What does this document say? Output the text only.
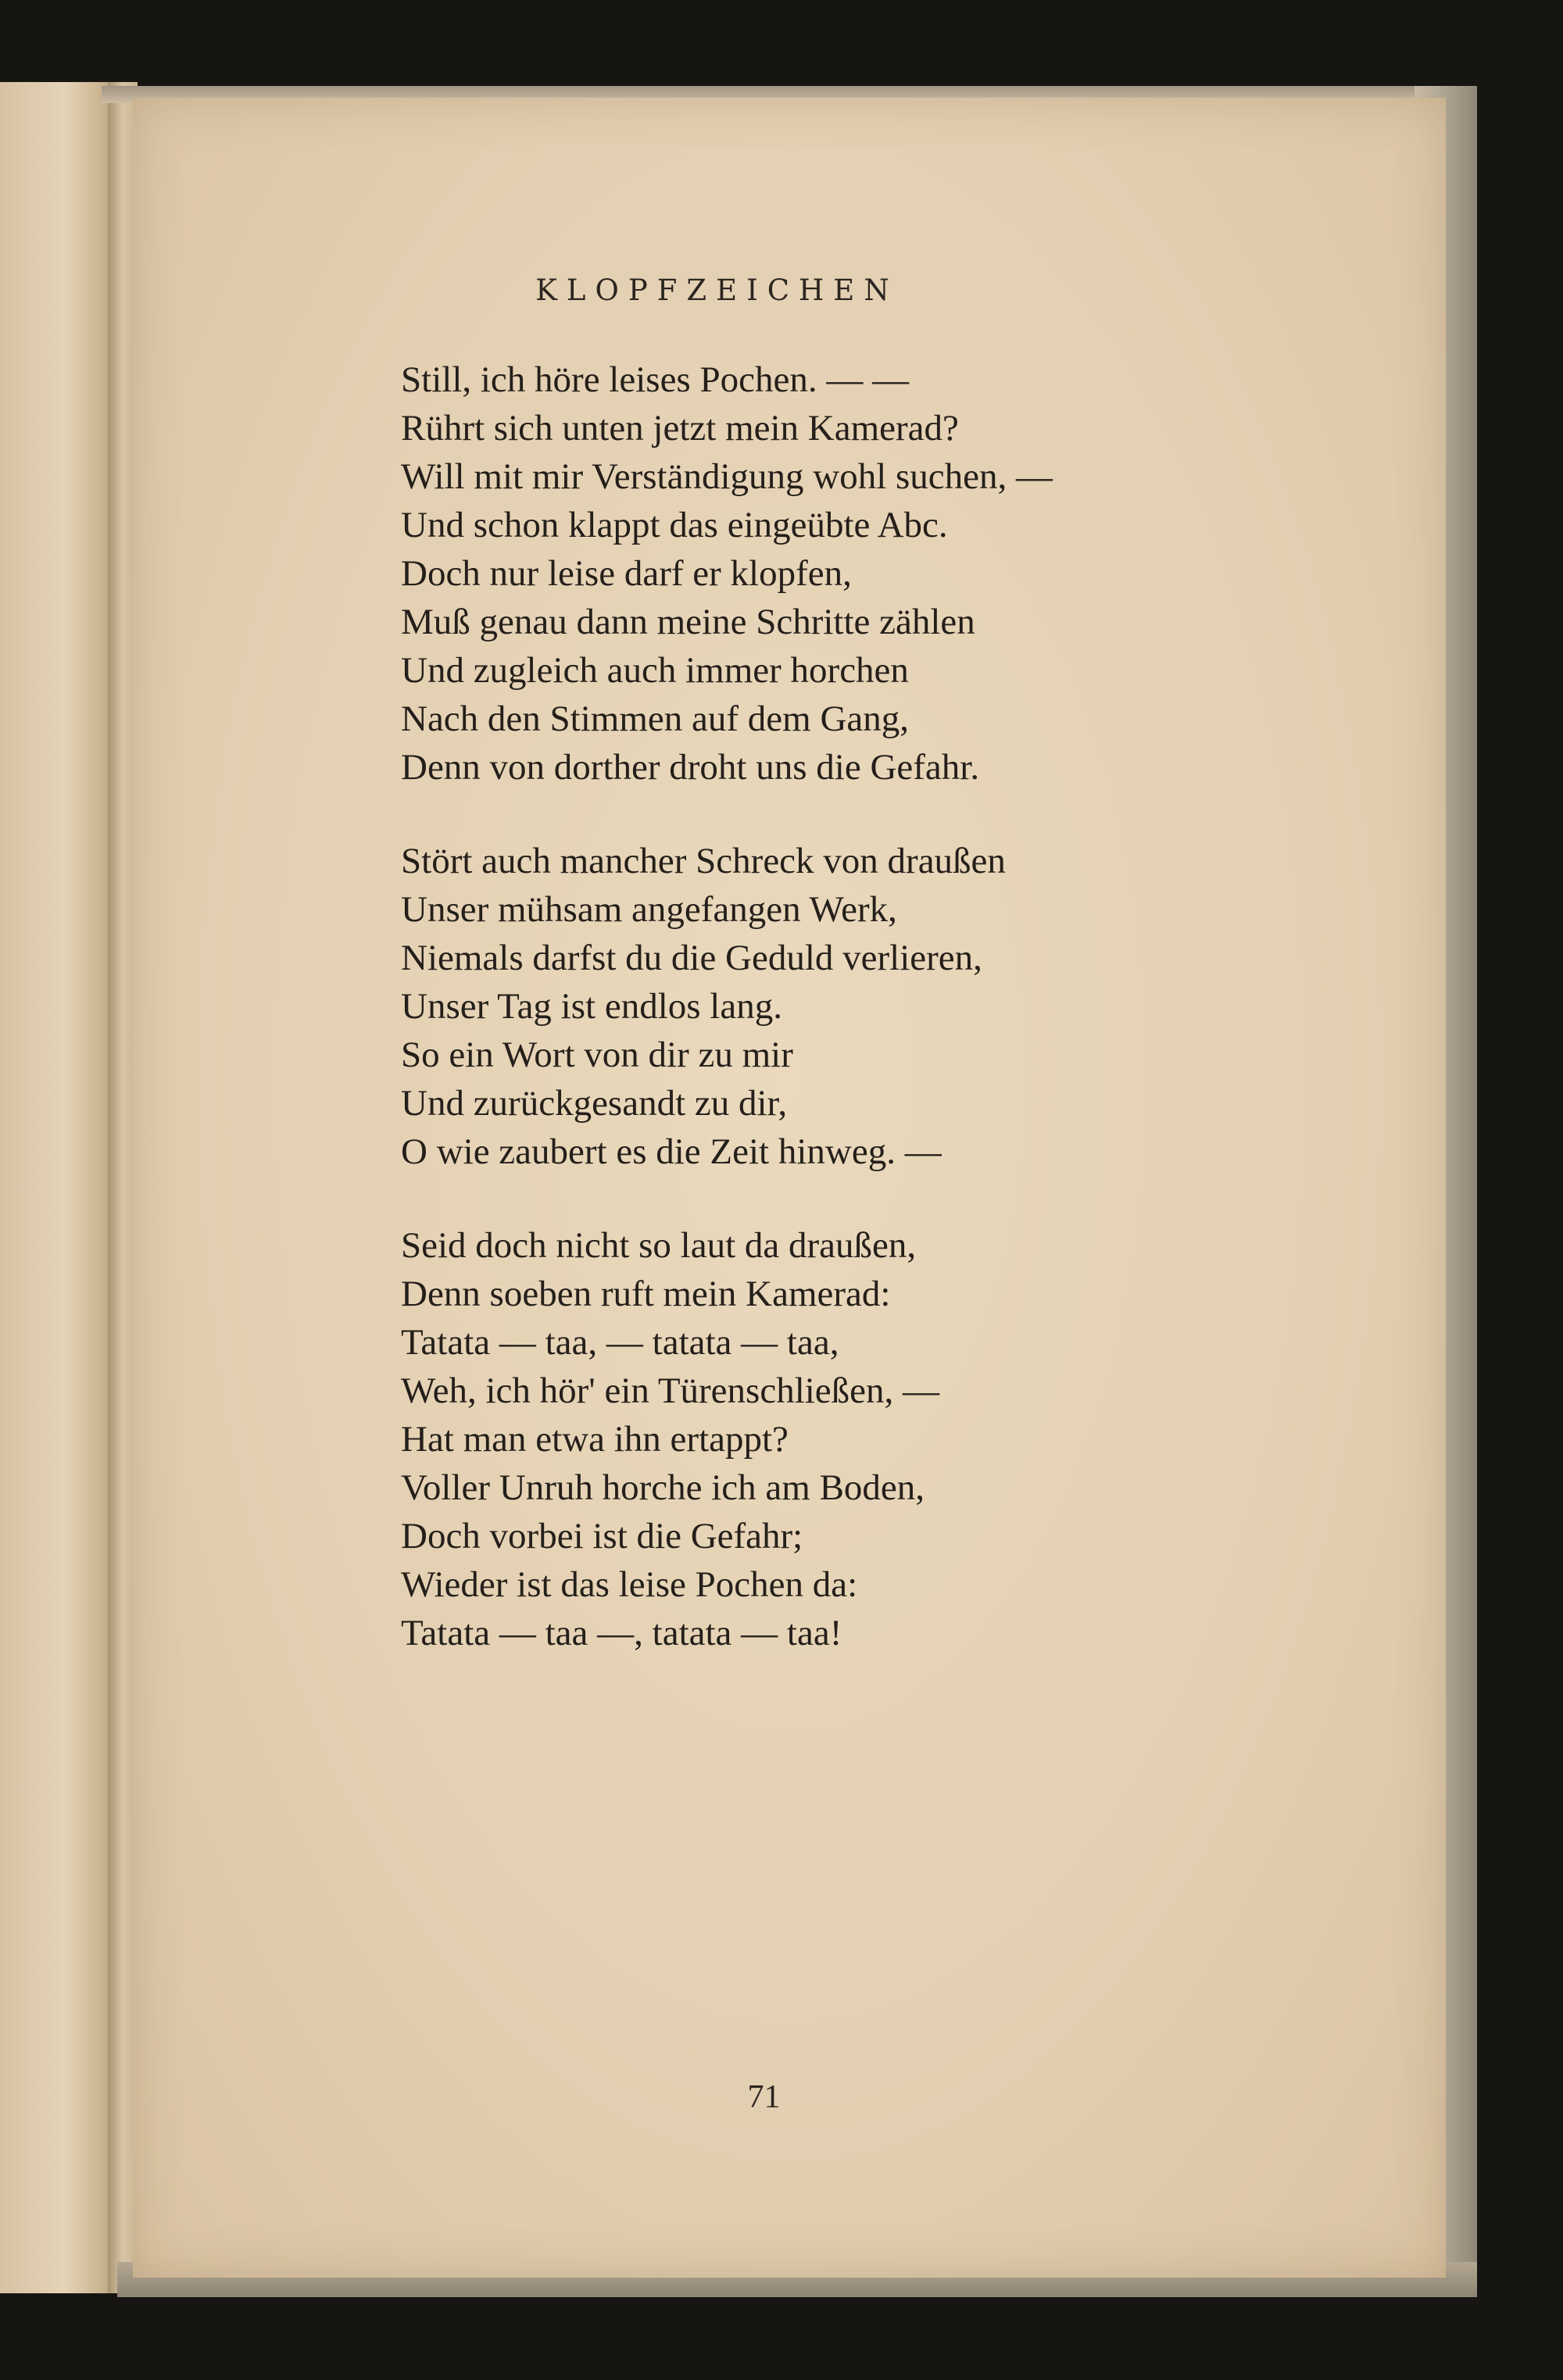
KLOPFZEICHEN
Still, ich höre leises Pochen. — —
Rührt sich unten jetzt mein Kamerad?
Will mit mir Verständigung wohl suchen, —
Und schon klappt das eingeübte Abc.
Doch nur leise darf er klopfen,
Muß genau dann meine Schritte zählen
Und zugleich auch immer horchen
Nach den Stimmen auf dem Gang,
Denn von dorther droht uns die Gefahr.
Stört auch mancher Schreck von draußen
Unser mühsam angefangen Werk,
Niemals darfst du die Geduld verlieren,
Unser Tag ist endlos lang.
So ein Wort von dir zu mir
Und zurückgesandt zu dir,
O wie zaubert es die Zeit hinweg. —
Seid doch nicht so laut da draußen,
Denn soeben ruft mein Kamerad:
Tatata — taa, — tatata — taa,
Weh, ich hör' ein Türenschließen, —
Hat man etwa ihn ertappt?
Voller Unruh horche ich am Boden,
Doch vorbei ist die Gefahr;
Wieder ist das leise Pochen da:
Tatata — taa —, tatata — taa!
71
